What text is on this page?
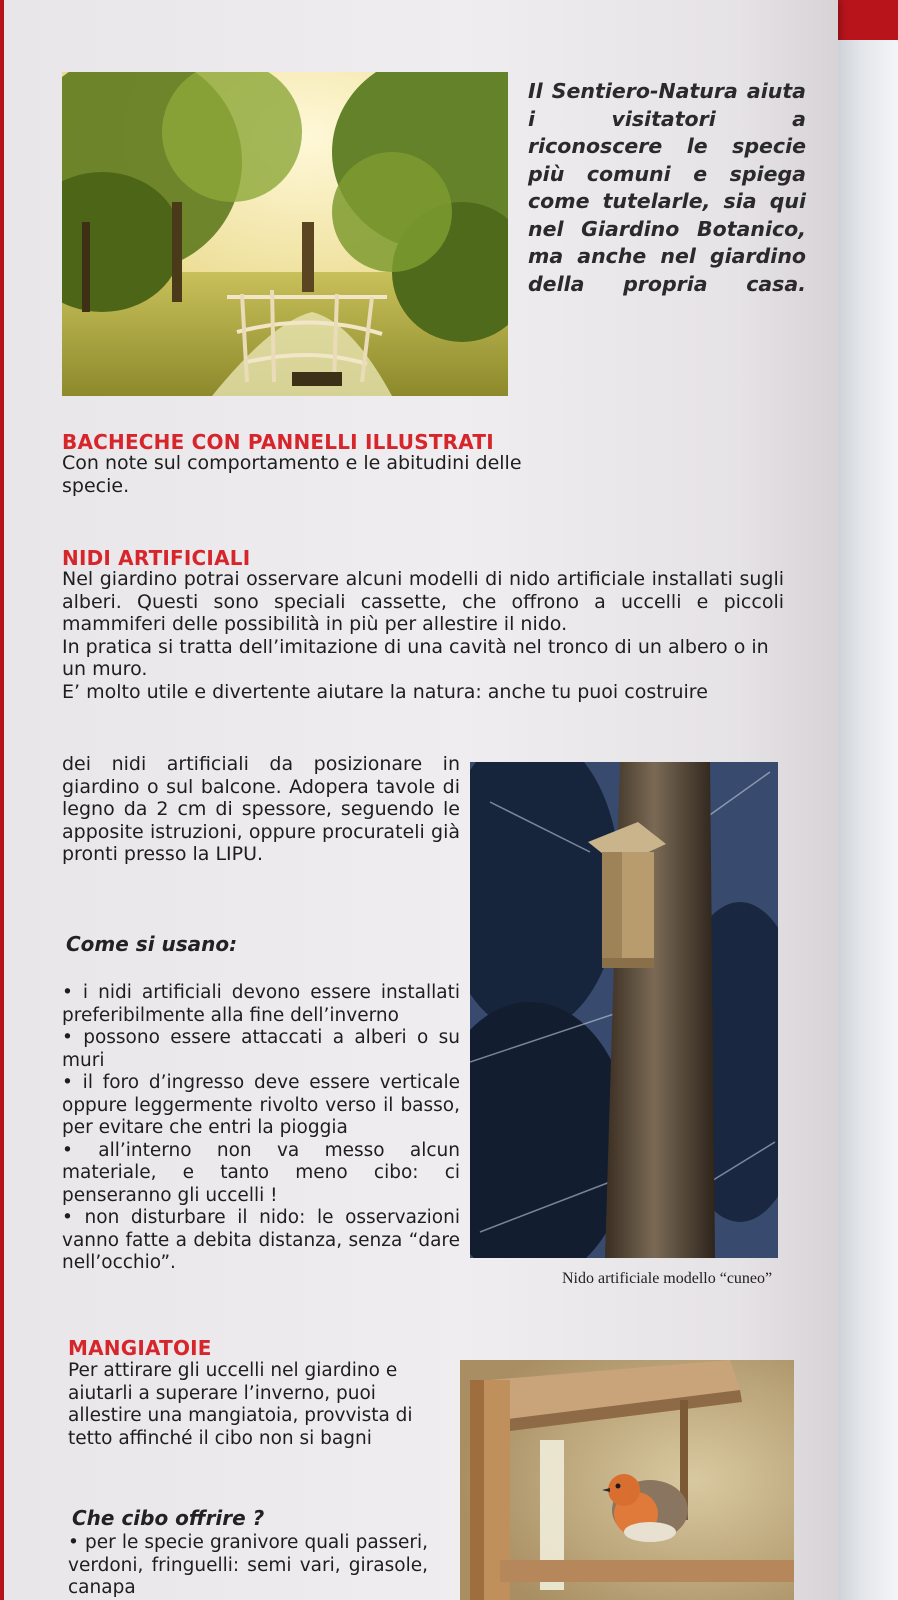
Il Sentiero-Natura aiuta i visitatori a riconoscere le specie più comuni e spiega come tutelarle, sia qui nel Giardino Botanico, ma anche nel giardino della propria casa.
BACHECHE CON PANNELLI ILLUSTRATI
Con note sul comportamento e le abitudini delle specie.
NIDI ARTIFICIALI

Nel giardino potrai osservare alcuni modelli di nido artificiale installati sugli alberi. Questi sono speciali cassette, che offrono a uccelli e piccoli mammiferi delle possibilità in più per allestire il nido.

In pratica si tratta dell’imitazione di una cavità nel tronco di un albero o in un muro.

E’ molto utile e divertente aiutare la natura: anche tu puoi costruire

dei nidi artificiali da posizionare in giardino o sul balcone. Adopera tavole di legno da 2 cm di spessore, seguendo le apposite istruzioni, oppure procurateli già pronti presso la LIPU.
Come si usano:

• i nidi artificiali devono essere installati preferibilmente alla fine dell’inverno

• possono essere attaccati a alberi o su muri

• il foro d’ingresso deve essere verticale oppure leggermente rivolto verso il basso, per evitare che entri la pioggia

• all’interno non va messo alcun materiale, e tanto meno cibo: ci penseranno gli uccelli !

• non disturbare il nido: le osservazioni vanno fatte a debita distanza, senza “dare nell’occhio”.

Nido artificiale modello “cuneo”
MANGIATOIE
Per attirare gli uccelli nel giardino e aiutarli a superare l’inverno, puoi allestire una mangiatoia, provvista di tetto affinché il cibo non si bagni
Che cibo offrire ?
• per le specie granivore quali passeri, verdoni, fringuelli: semi vari, girasole, canapa
